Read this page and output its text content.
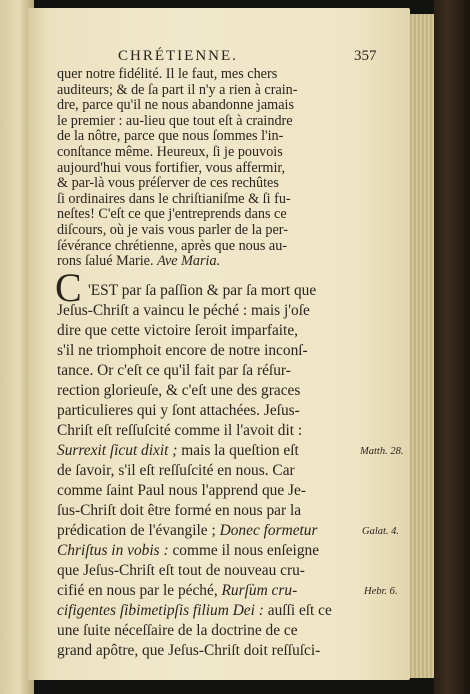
CHRÉTIENNE.	357
C 'EST par ſa paſſion & par ſa mort que
Jeſus-Chriſt a vaincu le péché : mais j'oſe
dire que cette victoire ſeroit imparfaite,
s'il ne triomphoit encore de notre inconſ-
tance. Or c'eſt ce qu'il fait par ſa réſur-
rection glorieuſe, & c'eſt une des graces
particulieres qui y ſont attachées. Jeſus-
Chriſt eſt reſſuſcité comme il l'avoit dit :
Surrexit ſicut dixit ; mais la queſtion eſt
de ſavoir, s'il eſt reſſuſcité en nous. Car
comme ſaint Paul nous l'apprend que Je-
ſus-Chriſt doit être formé en nous par la
prédication de l'évangile ; Donec formetur
Chriſtus in vobis : comme il nous enſeigne
que Jeſus-Chriſt eſt tout de nouveau cru-
cifié en nous par le péché, Rurſùm cru-
cifigentes ſibimetipſis filium Dei : auſſi eſt ce
une ſuite néceſſaire de la doctrine de ce
grand apôtre, que Jeſus-Chriſt doit reſſuſci-
Matth. 28.
Galat. 4.
Hebr. 6.
quer notre fidélité. Il le faut, mes chers
auditeurs; & de ſa part il n'y a rien à crain-
dre, parce qu'il ne nous abandonne jamais
le premier : au-lieu que tout eſt à craindre
de la nôtre, parce que nous ſommes l'in-
conſtance même. Heureux, ſi je pouvois
aujourd'hui vous fortifier, vous affermir,
& par-là vous préſerver de ces rechûtes
ſi ordinaires dans le chriſtianiſme & ſi fu-
neſtes! C'eſt ce que j'entreprends dans ce
diſcours, où je vais vous parler de la per-
ſévérance chrétienne, après que nous au-
rons ſalué Marie. Ave Maria.
